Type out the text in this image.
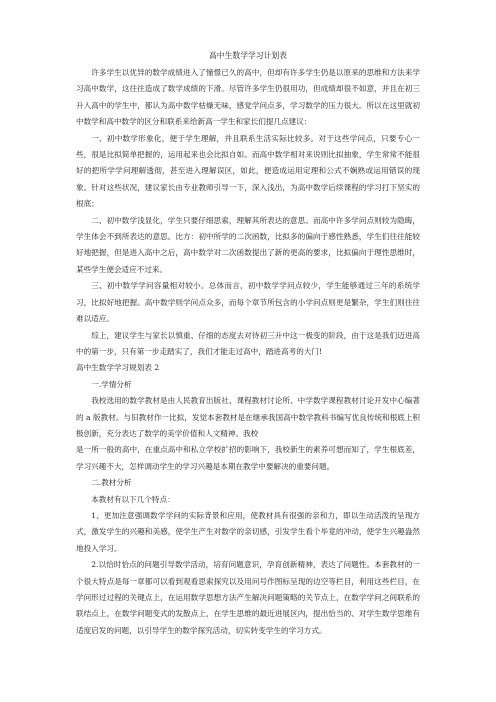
高中生数学学习计划表

许多学生以优异的数学成绩进入了憧憬已久的高中，但却有许多学生仍是以原来的思维和方法来学习高中数学，这往往造成了数学成绩的下滑。尽管许多学生仍很用功，但成绩却很不如意，并且在初三升入高中的学生中，都认为高中数学枯燥无味，感觉学问点多，学习数学的压力很大。所以在这里就初中数学和高中数学的区分和联系来给新高一学生和家长们提几点建议：

一、初中数学形象化，便于学生理解，并且联系生活实际比较多。对于这些学问点，只要专心一些，很是比拟简单把握的，运用起来也会比拟自如。而高中数学相对来说则比拟抽象，学生常常不能很好的把所学学问理解透彻，甚至进入理解误区，如此，便造成运用定理和公式不娴熟或运用错误的现象。针对这些状况，建议家长由专业教师引导一下，深入浅出，为高中数学后续课程的学习打下坚实的根底；

二、初中数学浅显化，学生只要仔细思索，理解其所表达的意思。而高中许多学问点则较为隐晦，学生体会不到所表达的意思。比方：初中所学的二次函数，比拟多的偏向于感性熟悉，学生们往往能较好地把握，但是进入高中之后，高中数学对二次函数提出了新的更高的要求，比拟偏向于理性思维时，某些学生便会适应不过来。

三、初中数学学问容量相对较小。总体而言，初中数学学问点较少，学生能够通过三年的系统学习，比拟好地把握。高中数学则学问点众多，而每个章节所包含的小学问点则更是繁杂，学生们则往往难以适应。

综上，建议学生与家长以慎重、仔细的态度去对待初三升中这一极变的阶段，由于这是我们迈进高中的第一步，只有第一步走踏实了，我们才能走过高中，踏进高考的大门!

高中生数学学习规划表 2

一.学情分析

我校选用的数学教材是由人民教育出版社、课程教材讨论所、中学数学课程教材讨论开发中心编著的 a 版教材。与旧教材作一比拟，发觉本套教材是在继承我国高中数学教科书编写优良传统和根底上积极创新，充分表达了数学的美学价值和人文精神。我校

是一所一般的高中，在重点高中和私立学校扩招的影响下，我校新生的素养可想而知了，学生根底差，学习兴趣不大，怎样调动学生的学习兴趣是本期在教学中要解决的重要问题。

二.教材分析

本教材有以下几个特点：

1、更加注意强调数学学问的实际背景和应用，使教材具有很强的亲和力，即以生动活泼的呈现方式，激发学生的兴趣和美感，使学生产生对数学的亲切感，引发学生看个毕竟的冲动，使学生兴趣盎然地投入学习。

2.以恰时恰点的问题引导数学活动，培育问题意识，孕育创新精神，表达了问题性。本套教材的一个很大特点是每一章都可以看到观看思索探究以及用问号作图标呈现的边空等栏目，利用这些栏目，在学问形过过程的关键点上，在运用数学思想方法产生解决问题策略的关节点上，在数学学问之间联系的联结点上，在数学问题变式的发散点上，在学生思维的最近进展区内，提出恰当的、对学生数学思维有适度启发的问题，以引导学生的数学探究活动，切实转变学生的学习方式。
